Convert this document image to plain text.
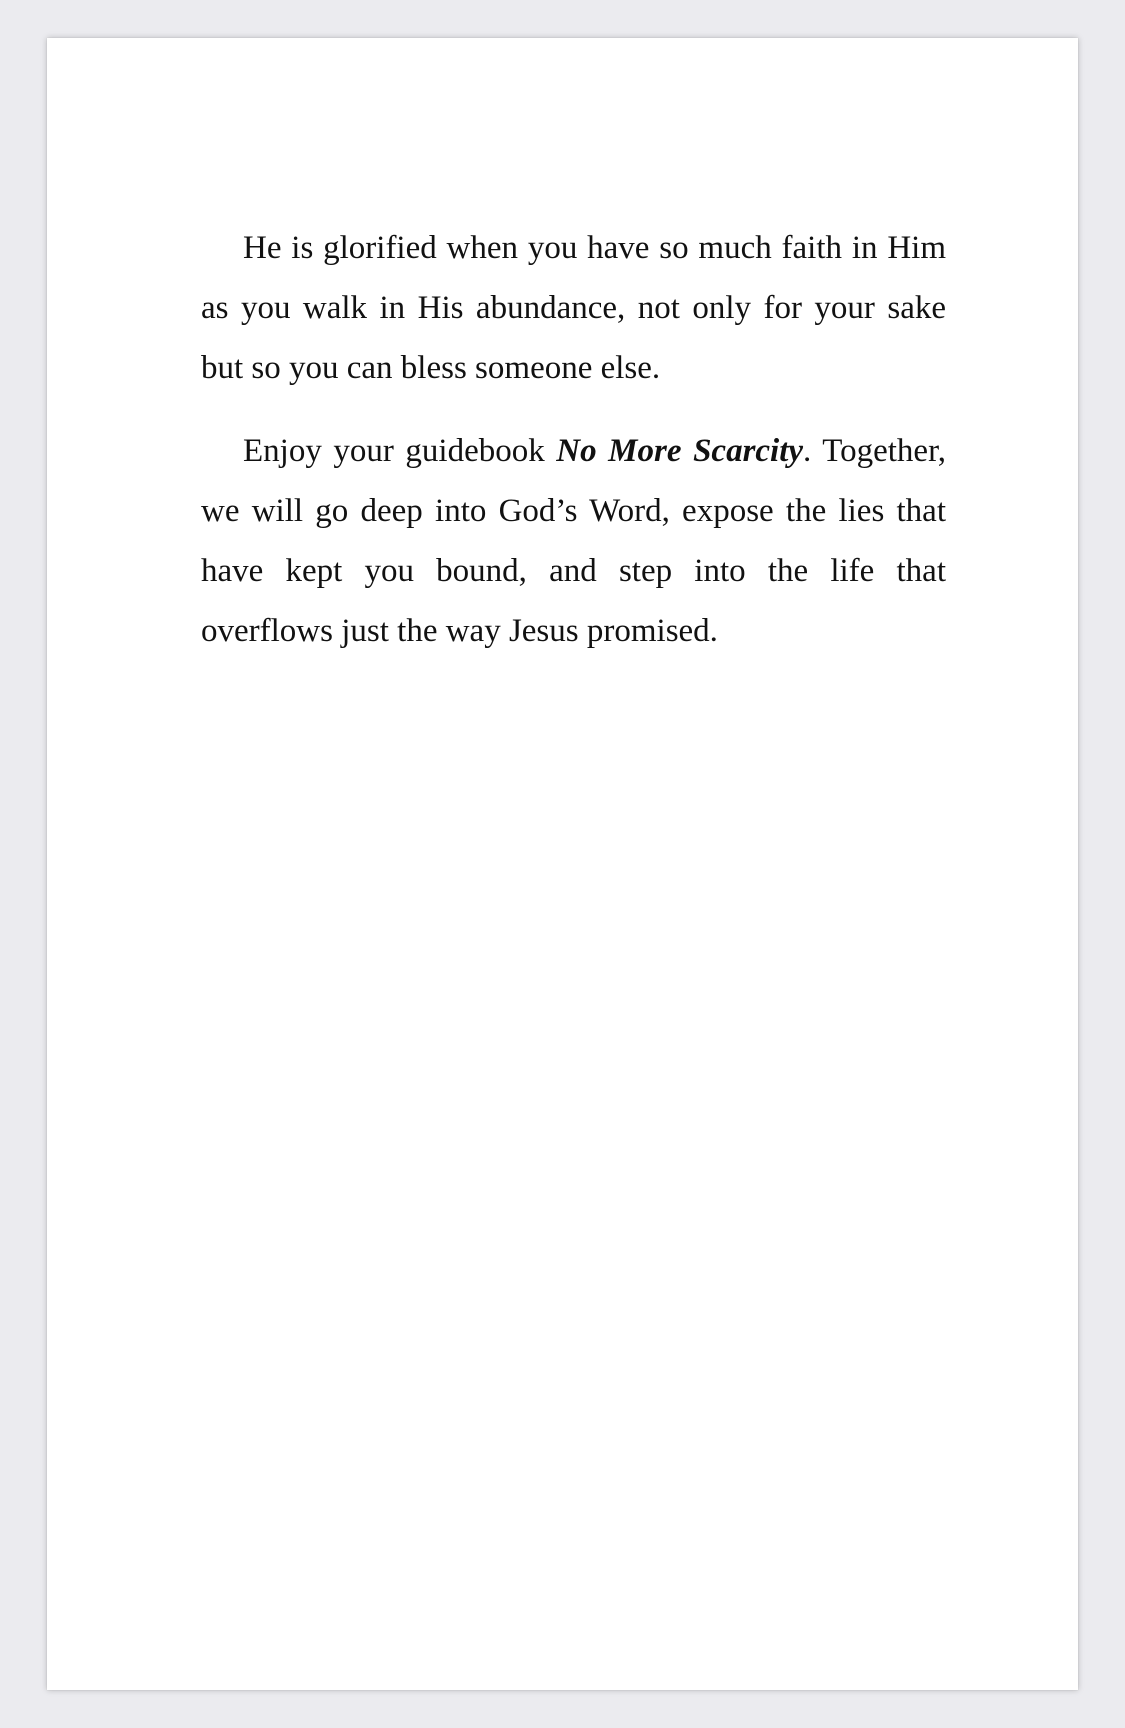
He is glorified when you have so much faith in Him as you walk in His abundance, not only for your sake but so you can bless someone else.

Enjoy your guidebook No More Scarcity. Together, we will go deep into God’s Word, expose the lies that have kept you bound, and step into the life that overflows just the way Jesus promised.
